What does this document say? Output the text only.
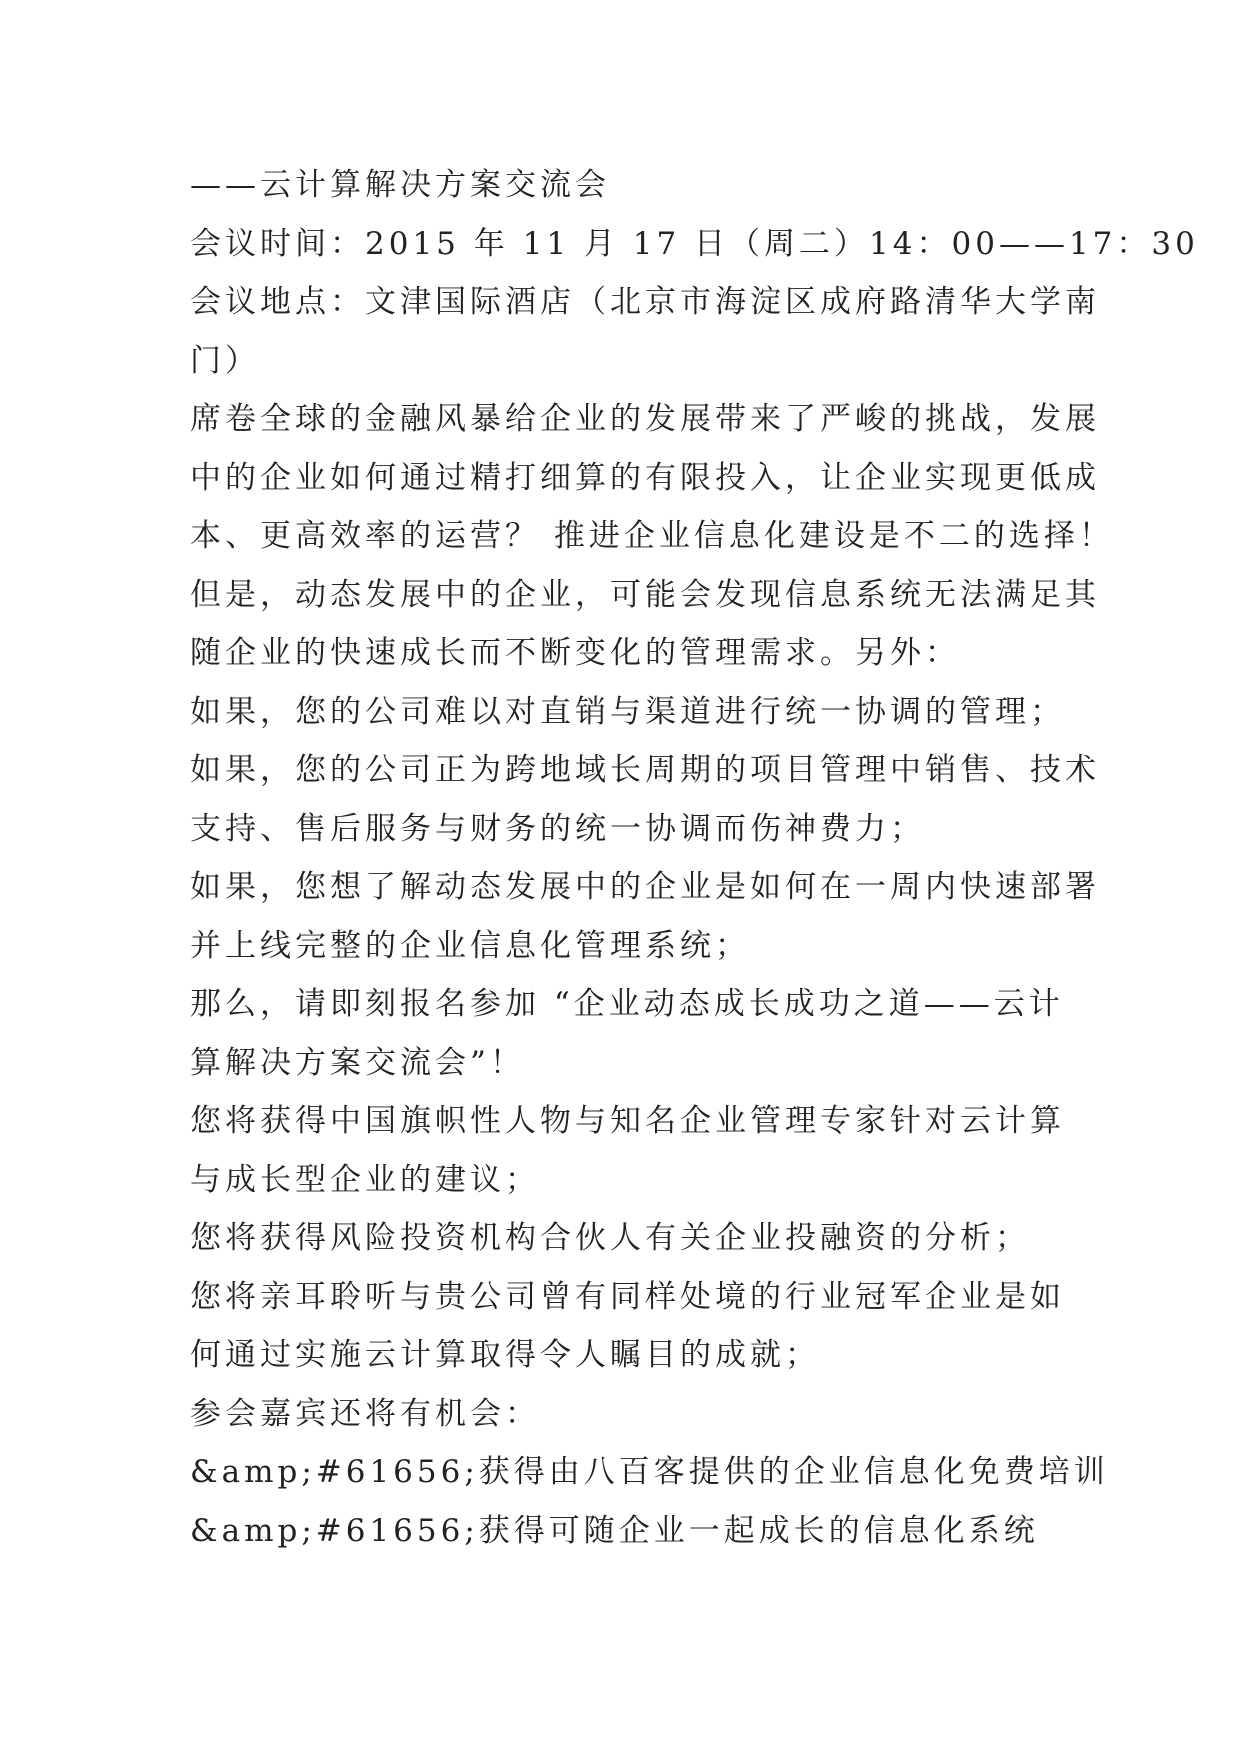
——云计算解决方案交流会
会议时间：2015 年 11 月 17 日（周二）14：00——17：30
会议地点：文津国际酒店（北京市海淀区成府路清华大学南
门）
席卷全球的金融风暴给企业的发展带来了严峻的挑战，发展
中的企业如何通过精打细算的有限投入，让企业实现更低成
本、更高效率的运营？ 推进企业信息化建设是不二的选择！
但是，动态发展中的企业，可能会发现信息系统无法满足其
随企业的快速成长而不断变化的管理需求。另外：
如果，您的公司难以对直销与渠道进行统一协调的管理；
如果，您的公司正为跨地域长周期的项目管理中销售、技术
支持、售后服务与财务的统一协调而伤神费力；
如果，您想了解动态发展中的企业是如何在一周内快速部署
并上线完整的企业信息化管理系统；
那么，请即刻报名参加 “企业动态成长成功之道——云计
算解决方案交流会”！
您将获得中国旗帜性人物与知名企业管理专家针对云计算
与成长型企业的建议；
您将获得风险投资机构合伙人有关企业投融资的分析；
您将亲耳聆听与贵公司曾有同样处境的行业冠军企业是如
何通过实施云计算取得令人瞩目的成就；
参会嘉宾还将有机会：
&amp;#61656;获得由八百客提供的企业信息化免费培训
&amp;#61656;获得可随企业一起成长的信息化系统
